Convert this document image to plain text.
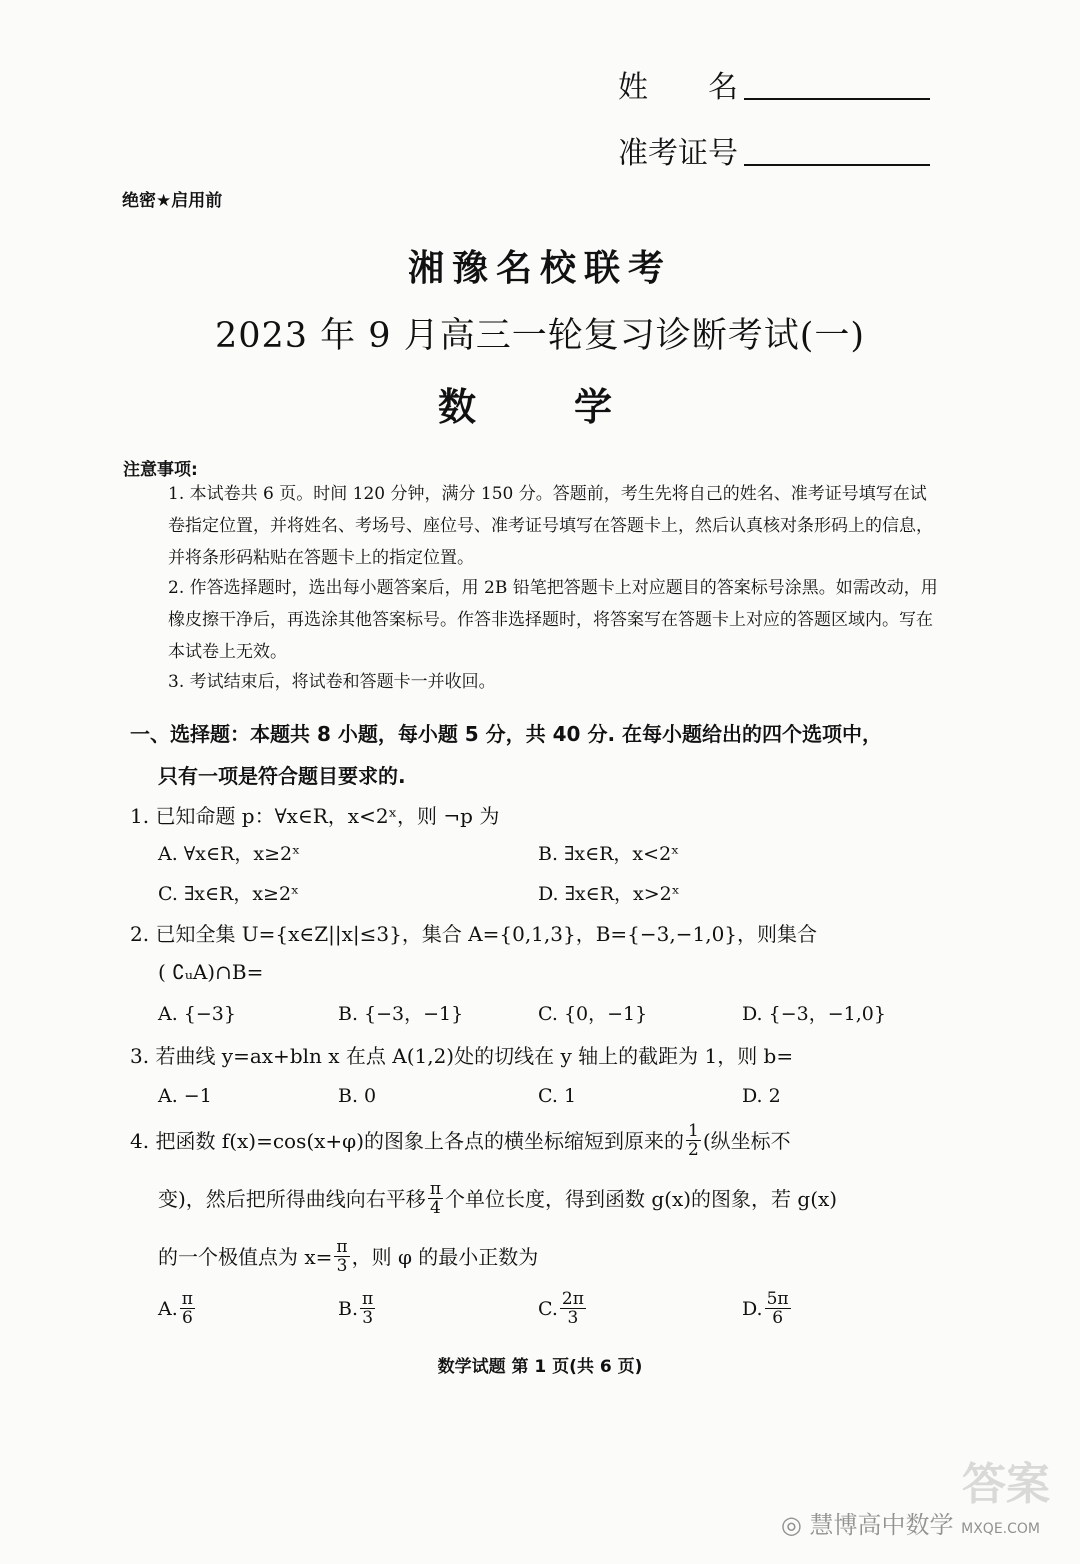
姓　　名
准考证号
绝密★启用前
湘豫名校联考
2023 年 9 月高三一轮复习诊断考试(一)
数　学
注意事项:
1. 本试卷共 6 页。时间 120 分钟，满分 150 分。答题前，考生先将自己的姓名、准考证号填写在试卷指定位置，并将姓名、考场号、座位号、准考证号填写在答题卡上，然后认真核对条形码上的信息，并将条形码粘贴在答题卡上的指定位置。
2. 作答选择题时，选出每小题答案后，用 2B 铅笔把答题卡上对应题目的答案标号涂黑。如需改动，用橡皮擦干净后，再选涂其他答案标号。作答非选择题时，将答案写在答题卡上对应的答题区域内。写在本试卷上无效。
3. 考试结束后，将试卷和答题卡一并收回。
一、选择题：本题共 8 小题，每小题 5 分，共 40 分. 在每小题给出的四个选项中，
只有一项是符合题目要求的.
1. 已知命题 p：∀x∈R，x<2ˣ，则 ¬p 为
A. ∀x∈R，x≥2ˣ	B. ∃x∈R，x<2ˣ
C. ∃x∈R，x≥2ˣ	D. ∃x∈R，x>2ˣ
2. 已知全集 U={x∈Z||x|≤3}，集合 A={0,1,3}，B={−3,−1,0}，则集合
( ∁ᵤA)∩B=
A. {−3}	B. {−3，−1}	C. {0，−1}	D. {−3，−1,0}
3. 若曲线 y=ax+bln x 在点 A(1,2)处的切线在 y 轴上的截距为 1，则 b=
A. −1	B. 0	C. 1	D. 2
4. 把函数 f(x)=cos(x+φ)的图象上各点的横坐标缩短到原来的 $\frac{1}{2}$ (纵坐标不
变)，然后把所得曲线向右平移 $\frac{\pi}{4}$ 个单位长度，得到函数 g(x)的图象，若 g(x)
的一个极值点为 $x= \frac{\pi}{3}$ ，则 φ 的最小正数为
A. $\frac{\pi}{6}$	B. $\frac{\pi}{3}$	C. $\frac{2\pi}{3}$	D. $\frac{5\pi}{6}$
数学试题 第 1 页(共 6 页)
答案
◎ 慧博高中数学 MXQE.COM
